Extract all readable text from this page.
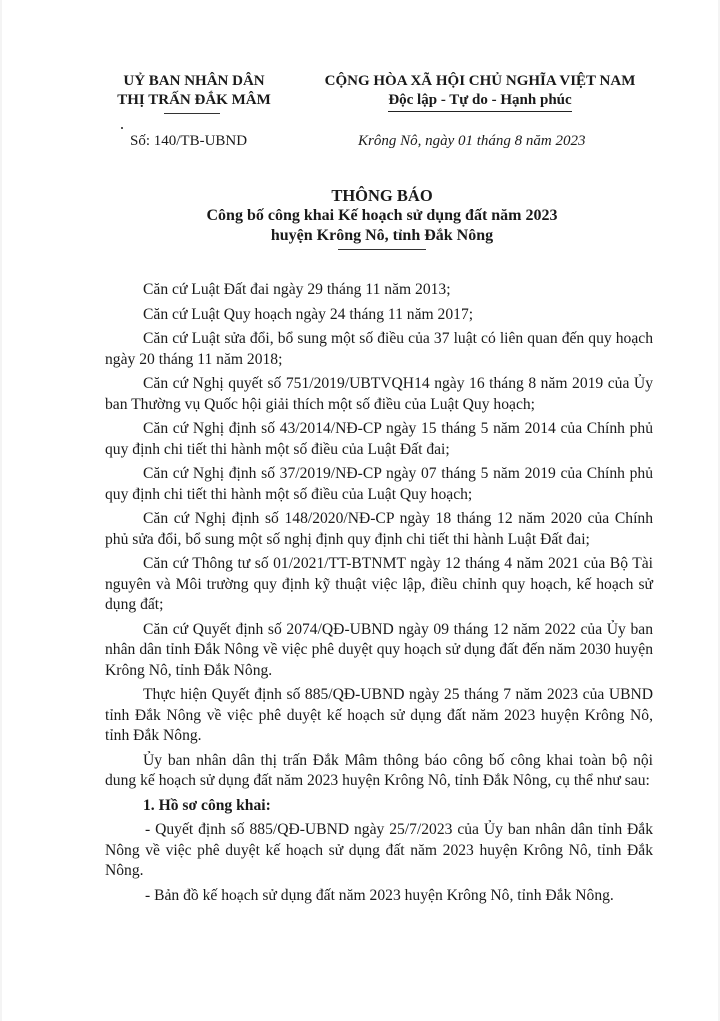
UỶ BAN NHÂN DÂN
THỊ TRẤN ĐẮK MÂM
CỘNG HÒA XÃ HỘI CHỦ NGHĨA VIỆT NAM
Độc lập - Tự do - Hạnh phúc
Số: 140/TB-UBND	Krông Nô, ngày 01 tháng 8 năm 2023
THÔNG BÁO
Công bố công khai Kế hoạch sử dụng đất năm 2023
huyện Krông Nô, tỉnh Đắk Nông

Căn cứ Luật Đất đai ngày 29 tháng 11 năm 2013;

Căn cứ Luật Quy hoạch ngày 24 tháng 11 năm 2017;

Căn cứ Luật sửa đổi, bổ sung một số điều của 37 luật có liên quan đến quy hoạch ngày 20 tháng 11 năm 2018;

Căn cứ Nghị quyết số 751/2019/UBTVQH14 ngày 16 tháng 8 năm 2019 của Ủy ban Thường vụ Quốc hội giải thích một số điều của Luật Quy hoạch;

Căn cứ Nghị định số 43/2014/NĐ-CP ngày 15 tháng 5 năm 2014 của Chính phủ quy định chi tiết thi hành một số điều của Luật Đất đai;

Căn cứ Nghị định số 37/2019/NĐ-CP ngày 07 tháng 5 năm 2019 của Chính phủ quy định chi tiết thi hành một số điều của Luật Quy hoạch;

Căn cứ Nghị định số 148/2020/NĐ-CP ngày 18 tháng 12 năm 2020 của Chính phủ sửa đổi, bổ sung một số nghị định quy định chi tiết thi hành Luật Đất đai;

Căn cứ Thông tư số 01/2021/TT-BTNMT ngày 12 tháng 4 năm 2021 của Bộ Tài nguyên và Môi trường quy định kỹ thuật việc lập, điều chỉnh quy hoạch, kế hoạch sử dụng đất;

Căn cứ Quyết định số 2074/QĐ-UBND ngày 09 tháng 12 năm 2022 của Ủy ban nhân dân tỉnh Đắk Nông về việc phê duyệt quy hoạch sử dụng đất đến năm 2030 huyện Krông Nô, tỉnh Đắk Nông.

Thực hiện Quyết định số 885/QĐ-UBND ngày 25 tháng 7 năm 2023 của UBND tỉnh Đắk Nông về việc phê duyệt kế hoạch sử dụng đất năm 2023 huyện Krông Nô, tỉnh Đắk Nông.

Ủy ban nhân dân thị trấn Đắk Mâm thông báo công bố công khai toàn bộ nội dung kế hoạch sử dụng đất năm 2023 huyện Krông Nô, tỉnh Đắk Nông, cụ thể như sau:

1. Hồ sơ công khai:

- Quyết định số 885/QĐ-UBND ngày 25/7/2023 của Ủy ban nhân dân tỉnh Đắk Nông về việc phê duyệt kế hoạch sử dụng đất năm 2023 huyện Krông Nô, tỉnh Đắk Nông.

- Bản đồ kế hoạch sử dụng đất năm 2023 huyện Krông Nô, tỉnh Đắk Nông.
